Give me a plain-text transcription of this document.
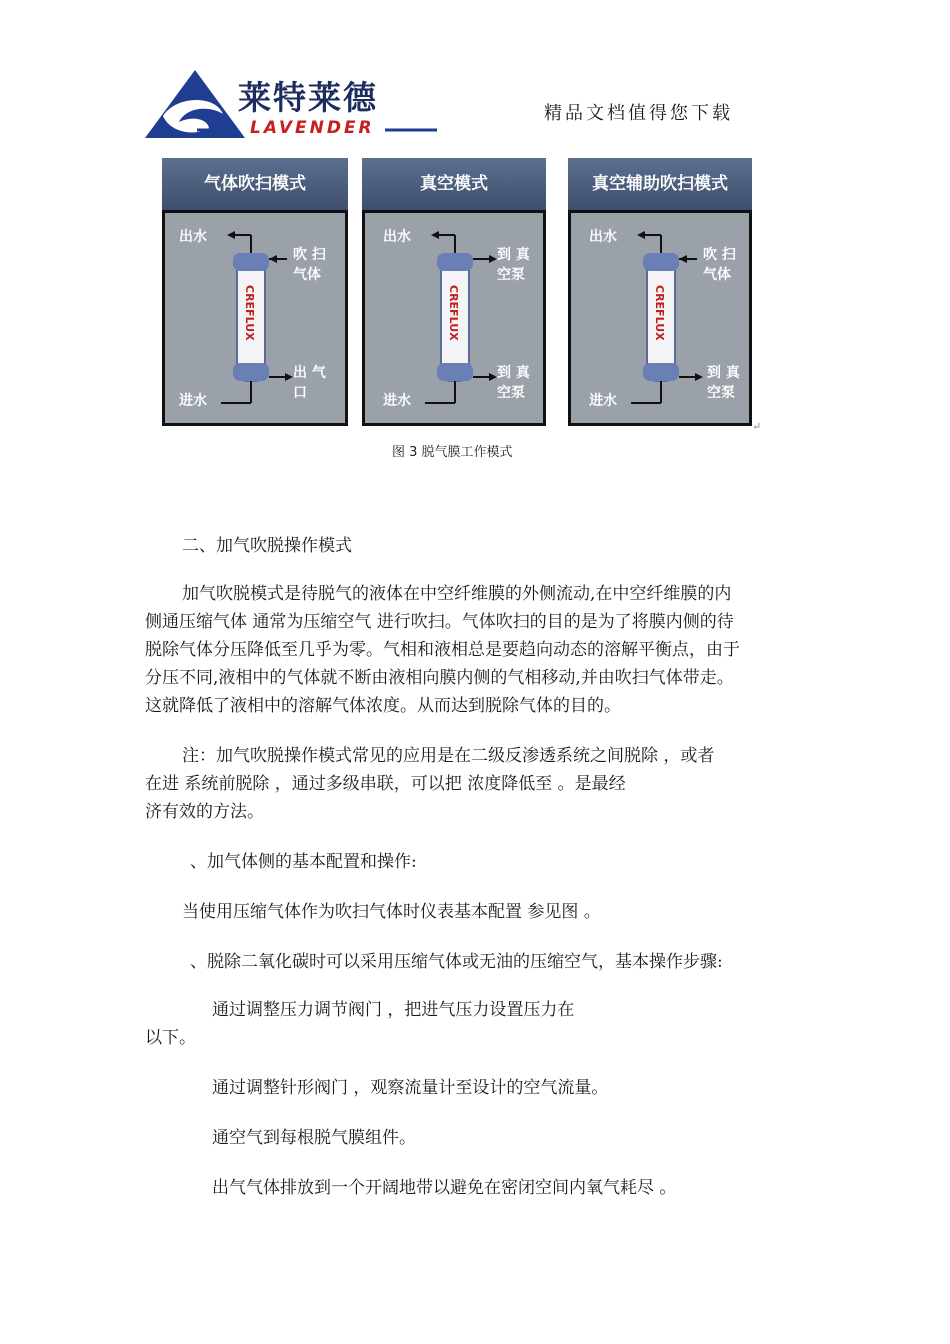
莱特莱德
LAVENDER
精品文档值得您下载
气体吹扫模式
出水
吹 扫
气体
出 气
口
进水
CREFLUX
真空模式
出水
到 真
空泵
到 真
空泵
进水
CREFLUX
真空辅助吹扫模式
出水
吹 扫
气体
到 真
空泵
进水
CREFLUX
↵
图 3 脱气膜工作模式
二、加气吹脱操作模式
加气吹脱模式是待脱气的液体在中空纤维膜的外侧流动,在中空纤维膜的内
侧通压缩气体 通常为压缩空气 进行吹扫。气体吹扫的目的是为了将膜内侧的待
脱除气体分压降低至几乎为零。气相和液相总是要趋向动态的溶解平衡点，由于
分压不同,液相中的气体就不断由液相向膜内侧的气相移动,并由吹扫气体带走。
这就降低了液相中的溶解气体浓度。从而达到脱除气体的目的。
注：加气吹脱操作模式常见的应用是在二级反渗透系统之间脱除 ，或者
在进 系统前脱除 ，通过多级串联，可以把 浓度降低至 。是最经
济有效的方法。
、加气体侧的基本配置和操作:
当使用压缩气体作为吹扫气体时仪表基本配置 参见图 。
、脱除二氧化碳时可以采用压缩气体或无油的压缩空气，基本操作步骤:
通过调整压力调节阀门 ，把进气压力设置压力在
以下。
通过调整针形阀门 ，观察流量计至设计的空气流量。
通空气到每根脱气膜组件。
出气气体排放到一个开阔地带以避免在密闭空间内氧气耗尽 。
